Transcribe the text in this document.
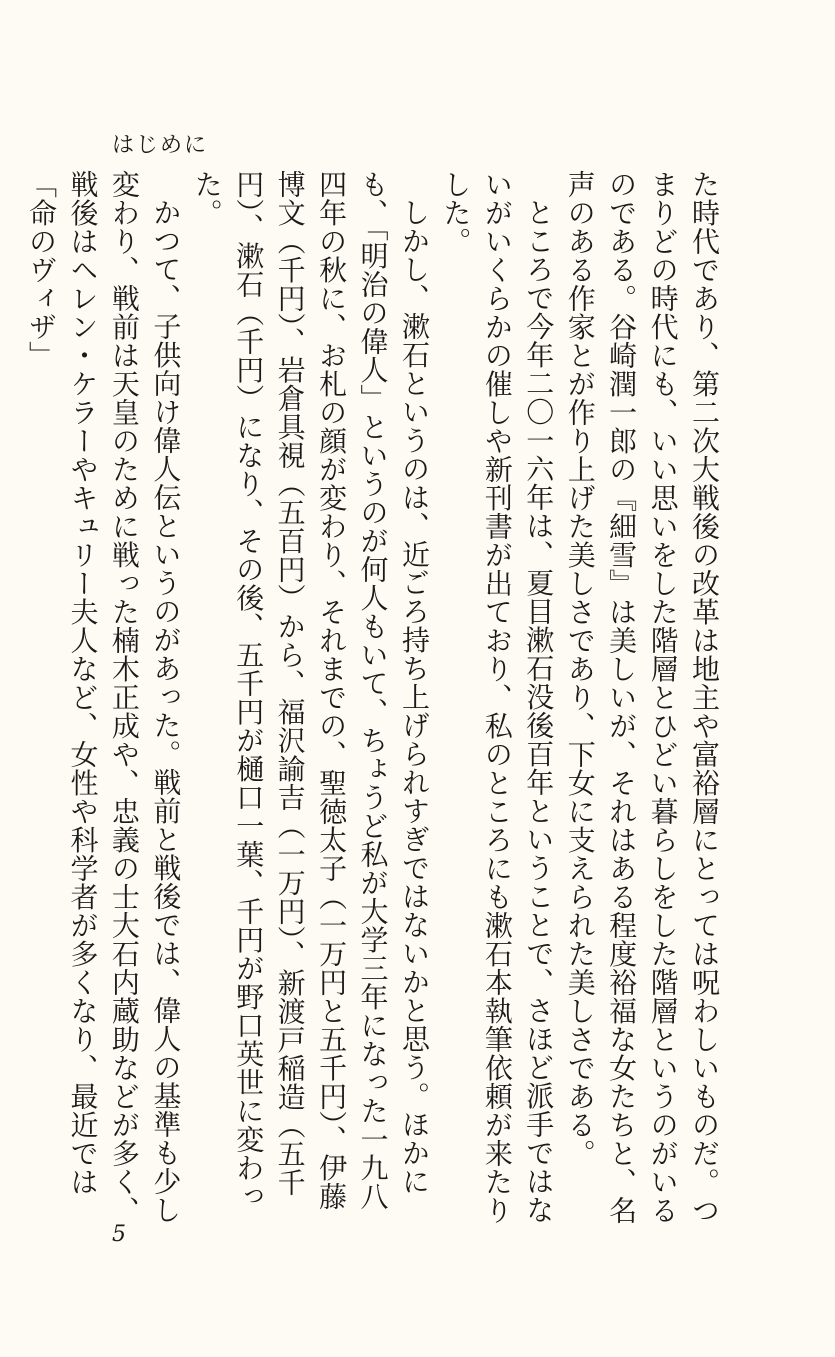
はじめに

た時代であり、第二次大戦後の改革は地主や富裕層にとっては呪わしいものだ。つまりどの時代にも、いい思いをした階層とひどい暮らしをした階層というのがいるのである。谷崎潤一郎の『細雪』は美しいが、それはある程度裕福な女たちと、名声のある作家とが作り上げた美しさであり、下女に支えられた美しさである。

ところで今年二〇一六年は、夏目漱石没後百年ということで、さほど派手ではないがいくらかの催しや新刊書が出ており、私のところにも漱石本執筆依頼が来たりした。

しかし、漱石というのは、近ごろ持ち上げられすぎではないかと思う。ほかにも、「明治の偉人」というのが何人もいて、ちょうど私が大学三年になった一九八四年の秋に、お札の顔が変わり、それまでの、聖徳太子（一万円と五千円）、伊藤博文（千円）、岩倉具視（五百円）から、福沢諭吉（一万円）、新渡戸稲造（五千円）、漱石（千円）になり、その後、五千円が樋口一葉、千円が野口英世に変わった。

かつて、子供向け偉人伝というのがあった。戦前と戦後では、偉人の基準も少し変わり、戦前は天皇のために戦った楠木正成や、忠義の士大石内蔵助などが多く、戦後はヘレン・ケラーやキュリー夫人など、女性や科学者が多くなり、最近では「命のヴィザ」

5
